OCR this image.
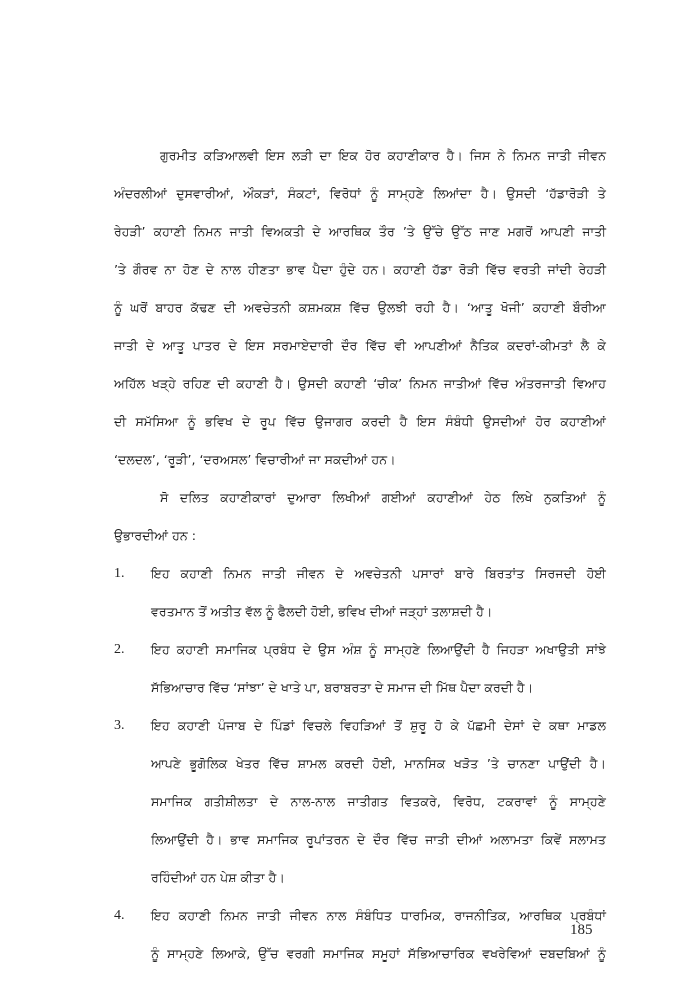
ਗੁਰਮੀਤ ਕੜਿਆਲਵੀ ਇਸ ਲੜੀ ਦਾ ਇਕ ਹੋਰ ਕਹਾਣੀਕਾਰ ਹੈ। ਜਿਸ ਨੇ ਨਿਮਨ ਜਾਤੀ ਜੀਵਨ
ਅੰਦਰਲੀਆਂ ਦੁਸਵਾਰੀਆਂ, ਔਕੜਾਂ, ਸੰਕਟਾਂ, ਵਿਰੋਧਾਂ ਨੂੰ ਸਾਮ੍ਹਣੇ ਲਿਆਂਦਾ ਹੈ। ਉਸਦੀ ‘ਹੱਡਾਰੋੜੀ ਤੇ
ਰੇਹੜੀ’ ਕਹਾਣੀ ਨਿਮਨ ਜਾਤੀ ਵਿਅਕਤੀ ਦੇ ਆਰਥਿਕ ਤੌਰ ’ਤੇ ਉੱਚੇ ਉੱਠ ਜਾਣ ਮਗਰੋਂ ਆਪਣੀ ਜਾਤੀ
’ਤੇ ਗੌਰਵ ਨਾ ਹੋਣ ਦੇ ਨਾਲ ਹੀਣਤਾ ਭਾਵ ਪੈਦਾ ਹੁੰਦੇ ਹਨ। ਕਹਾਣੀ ਹੱਡਾ ਰੋੜੀ ਵਿੱਚ ਵਰਤੀ ਜਾਂਦੀ ਰੇਹੜੀ
ਨੂੰ ਘਰੋਂ ਬਾਹਰ ਕੱਢਣ ਦੀ ਅਵਚੇਤਨੀ ਕਸ਼ਮਕਸ਼ ਵਿੱਚ ਉਲਝੀ ਰਹੀ ਹੈ। ‘ਆਤੂ ਖੋਜੀ’ ਕਹਾਣੀ ਬੌਰੀਆ
ਜਾਤੀ ਦੇ ਆਤੂ ਪਾਤਰ ਦੇ ਇਸ ਸਰਮਾਏਦਾਰੀ ਦੌਰ ਵਿੱਚ ਵੀ ਆਪਣੀਆਂ ਨੈਤਿਕ ਕਦਰਾਂ-ਕੀਮਤਾਂ ਲੈ ਕੇ
ਅਹਿੱਲ ਖੜ੍ਹੇ ਰਹਿਣ ਦੀ ਕਹਾਣੀ ਹੈ। ਉਸਦੀ ਕਹਾਣੀ ‘ਚੀਕ’ ਨਿਮਨ ਜਾਤੀਆਂ ਵਿੱਚ ਅੰਤਰਜਾਤੀ ਵਿਆਹ
ਦੀ ਸਮੱਸਿਆ ਨੂੰ ਭਵਿਖ ਦੇ ਰੂਪ ਵਿੱਚ ਉਜਾਗਰ ਕਰਦੀ ਹੈ ਇਸ ਸੰਬੰਧੀ ਉਸਦੀਆਂ ਹੋਰ ਕਹਾਣੀਆਂ
‘ਦਲਦਲ’, ‘ਰੂੜੀ’, ‘ਦਰਅਸਲ’ ਵਿਚਾਰੀਆਂ ਜਾ ਸਕਦੀਆਂ ਹਨ।
ਸੋ ਦਲਿਤ ਕਹਾਣੀਕਾਰਾਂ ਦੁਆਰਾ ਲਿਖੀਆਂ ਗਈਆਂ ਕਹਾਣੀਆਂ ਹੇਠ ਲਿਖੇ ਨੁਕਤਿਆਂ ਨੂੰ
ਉਭਾਰਦੀਆਂ ਹਨ :
1. ਇਹ ਕਹਾਣੀ ਨਿਮਨ ਜਾਤੀ ਜੀਵਨ ਦੇ ਅਵਚੇਤਨੀ ਪਸਾਰਾਂ ਬਾਰੇ ਬਿਰਤਾਂਤ ਸਿਰਜਦੀ ਹੋਈ
ਵਰਤਮਾਨ ਤੋਂ ਅਤੀਤ ਵੱਲ ਨੂੰ ਫੈਲਦੀ ਹੋਈ, ਭਵਿਖ ਦੀਆਂ ਜੜ੍ਹਾਂ ਤਲਾਸ਼ਦੀ ਹੈ।
2. ਇਹ ਕਹਾਣੀ ਸਮਾਜਿਕ ਪ੍ਰਬੰਧ ਦੇ ਉਸ ਅੰਸ਼ ਨੂੰ ਸਾਮ੍ਹਣੇ ਲਿਆਉਂਦੀ ਹੈ ਜਿਹੜਾ ਅਖਾਉਤੀ ਸਾਂਝੇ
ਸੱਭਿਆਚਾਰ ਵਿੱਚ ‘ਸਾਂਝਾ’ ਦੇ ਖਾਤੇ ਪਾ, ਬਰਾਬਰਤਾ ਦੇ ਸਮਾਜ ਦੀ ਮਿੱਥ ਪੈਦਾ ਕਰਦੀ ਹੈ।
3. ਇਹ ਕਹਾਣੀ ਪੰਜਾਬ ਦੇ ਪਿੰਡਾਂ ਵਿਚਲੇ ਵਿਹੜਿਆਂ ਤੋਂ ਸ਼ੁਰੂ ਹੋ ਕੇ ਪੱਛਮੀ ਦੇਸਾਂ ਦੇ ਕਥਾ ਮਾਡਲ
ਆਪਣੇ ਭੂਗੋਲਿਕ ਖੇਤਰ ਵਿੱਚ ਸ਼ਾਮਲ ਕਰਦੀ ਹੋਈ, ਮਾਨਸਿਕ ਖੜੋਤ ’ਤੇ ਚਾਨਣਾ ਪਾਉਂਦੀ ਹੈ।
ਸਮਾਜਿਕ ਗਤੀਸ਼ੀਲਤਾ ਦੇ ਨਾਲ-ਨਾਲ ਜਾਤੀਗਤ ਵਿਤਕਰੇ, ਵਿਰੋਧ, ਟਕਰਾਵਾਂ ਨੂੰ ਸਾਮ੍ਹਣੇ
ਲਿਆਉਂਦੀ ਹੈ। ਭਾਵ ਸਮਾਜਿਕ ਰੂਪਾਂਤਰਨ ਦੇ ਦੌਰ ਵਿੱਚ ਜਾਤੀ ਦੀਆਂ ਅਲਾਮਤਾ ਕਿਵੇਂ ਸਲਾਮਤ
ਰਹਿੰਦੀਆਂ ਹਨ ਪੇਸ਼ ਕੀਤਾ ਹੈ।
4. ਇਹ ਕਹਾਣੀ ਨਿਮਨ ਜਾਤੀ ਜੀਵਨ ਨਾਲ ਸੰਬੰਧਿਤ ਧਾਰਮਿਕ, ਰਾਜਨੀਤਿਕ, ਆਰਥਿਕ ਪ੍ਰਬੰਧਾਂ
ਨੂੰ ਸਾਮ੍ਹਣੇ ਲਿਆਕੇ, ਉੱਚ ਵਰਗੀ ਸਮਾਜਿਕ ਸਮੂਹਾਂ ਸੱਭਿਆਚਾਰਿਕ ਵਖਰੇਵਿਆਂ ਦਬਦਬਿਆਂ ਨੂੰ
185
